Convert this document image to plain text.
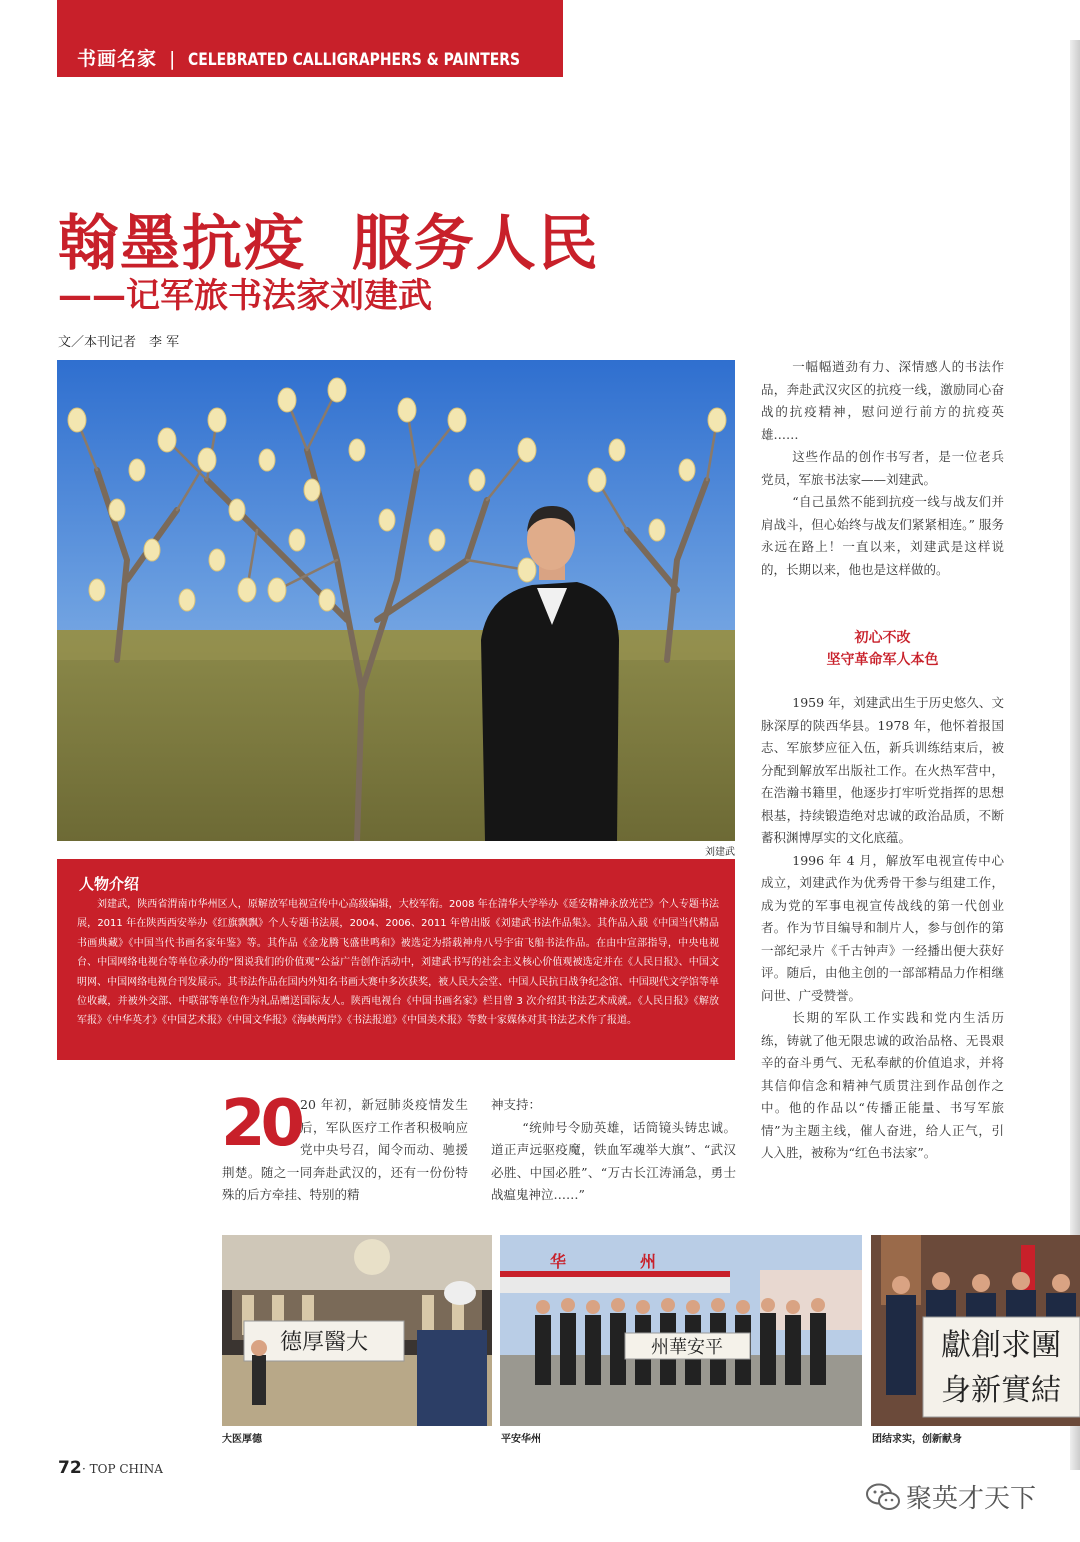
书画名家 | CELEBRATED CALLIGRAPHERS & PAINTERS
翰墨抗疫  服务人民
——记军旅书法家刘建武
文／本刊记者　李 军
刘建武
人物介绍
刘建武，陕西省渭南市华州区人，原解放军电视宣传中心高级编辑，大校军衔。2008 年在清华大学举办《延安精神永放光芒》个人专题书法展，2011 年在陕西西安举办《红旗飘飘》个人专题书法展，2004、2006、2011 年曾出版《刘建武书法作品集》。其作品入载《中国当代精品书画典藏》《中国当代书画名家年鉴》等。其作品《金龙腾飞盛世鸣和》被选定为搭载神舟八号宇宙飞船书法作品。在由中宣部指导，中央电视台、中国网络电视台等单位承办的“图说我们的价值观”公益广告创作活动中，刘建武书写的社会主义核心价值观被选定并在《人民日报》、中国文明网、中国网络电视台刊发展示。其书法作品在国内外知名书画大赛中多次获奖，被人民大会堂、中国人民抗日战争纪念馆、中国现代文学馆等单位收藏，并被外交部、中联部等单位作为礼品赠送国际友人。陕西电视台《中国书画名家》栏目曾 3 次介绍其书法艺术成就。《人民日报》《解放军报》《中华英才》《中国艺术报》《中国文华报》《海峡两岸》《书法报道》《中国美术报》等数十家媒体对其书法艺术作了报道。

一幅幅遒劲有力、深情感人的书法作品，奔赴武汉灾区的抗疫一线，激励同心奋战的抗疫精神，慰问逆行前方的抗疫英雄……

这些作品的创作书写者，是一位老兵党员，军旅书法家——刘建武。

“自己虽然不能到抗疫一线与战友们并肩战斗，但心始终与战友们紧紧相连。” 服务永远在路上！一直以来，刘建武是这样说的，长期以来，他也是这样做的。

初心不改
坚守革命军人本色

1959 年，刘建武出生于历史悠久、文脉深厚的陕西华县。1978 年，他怀着报国志、军旅梦应征入伍，新兵训练结束后，被分配到解放军出版社工作。在火热军营中，在浩瀚书籍里，他逐步打牢听党指挥的思想根基，持续锻造绝对忠诚的政治品质，不断蓄积渊博厚实的文化底蕴。

1996 年 4 月，解放军电视宣传中心成立，刘建武作为优秀骨干参与组建工作，成为党的军事电视宣传战线的第一代创业者。作为节目编导和制片人，参与创作的第一部纪录片《千古钟声》一经播出便大获好评。随后，由他主创的一部部精品力作相继问世、广受赞誉。

长期的军队工作实践和党内生活历练，铸就了他无限忠诚的政治品格、无畏艰辛的奋斗勇气、无私奉献的价值追求，并将其信仰信念和精神气质贯注到作品创作之中。他的作品以“传播正能量、书写军旅情”为主题主线，催人奋进，给人正气，引人入胜，被称为“红色书法家”。

20 20 年初，新冠肺炎疫情发生后，军队医疗工作者积极响应党中央号召，闻令而动、驰援荆楚。随之一同奔赴武汉的，还有一份份特殊的后方牵挂、特别的精

神支持：

“统帅号令励英雄，话筒镜头铸忠诚。道正声远驱疫魔，铁血军魂举大旗”、“武汉必胜、中国必胜”、“万古长江涛涌急，勇士战瘟鬼神泣……”

德厚醫大
大医厚德
华	州
州華安平
平安华州
獻創求團
身新實結
团结求实，创新献身
72 · TOP CHINA
聚英才天下
